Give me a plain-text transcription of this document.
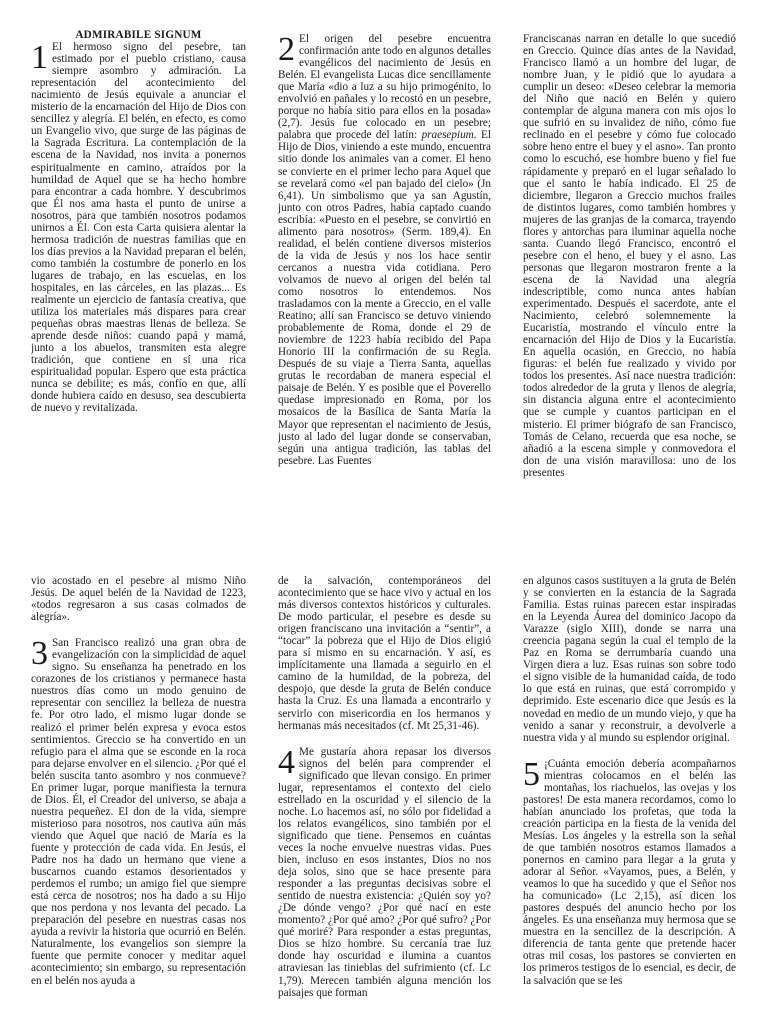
ADMIRABILE SIGNUM

1 El hermoso signo del pesebre, tan estimado por el pueblo cristiano, causa siempre asombro y admiración. La representación del acontecimiento del nacimiento de Jesús equivale a anunciar el misterio de la encarnación del Hijo de Dios con sencillez y alegría. El belén, en efecto, es como un Evangelio vivo, que surge de las páginas de la Sagrada Escritura. La contemplación de la escena de la Navidad, nos invita a ponernos espiritualmente en camino, atraídos por la humildad de Aquel que se ha hecho hombre para encontrar a cada hombre. Y descubrimos que Él nos ama hasta el punto de unirse a nosotros, para que también nosotros podamos unirnos a Él. Con esta Carta quisiera alentar la hermosa tradición de nuestras familias que en los días previos a la Navidad preparan el belén, como también la costumbre de ponerlo en los lugares de trabajo, en las escuelas, en los hospitales, en las cárceles, en las plazas... Es realmente un ejercicio de fantasía creativa, que utiliza los materiales más dispares para crear pequeñas obras maestras llenas de belleza. Se aprende desde niños: cuando papá y mamá, junto a los abuelos, transmiten esta alegre tradición, que contiene en sí una rica espiritualidad popular. Espero que esta práctica nunca se debilite; es más, confío en que, allí donde hubiera caído en desuso, sea descubierta de nuevo y revitalizada.

2 El origen del pesebre encuentra confirmación ante todo en algunos detalles evangélicos del nacimiento de Jesús en Belén. El evangelista Lucas dice sencillamente que María «dio a luz a su hijo primogénito, lo envolvió en pañales y lo recostó en un pesebre, porque no había sitio para ellos en la posada» (2,7). Jesús fue colocado en un pesebre; palabra que procede del latín: praesepium. El Hijo de Dios, viniendo a este mundo, encuentra sitio donde los animales van a comer. El heno se convierte en el primer lecho para Aquel que se revelará como «el pan bajado del cielo» (Jn 6,41). Un simbolismo que ya san Agustín, junto con otros Padres, había captado cuando escribía: «Puesto en el pesebre, se convirtió en alimento para nosotros» (Serm. 189,4). En realidad, el belén contiene diversos misterios de la vida de Jesús y nos los hace sentir cercanos a nuestra vida cotidiana. Pero volvamos de nuevo al origen del belén tal como nosotros lo entendemos. Nos trasladamos con la mente a Greccio, en el valle Reatino; allí san Francisco se detuvo viniendo probablemente de Roma, donde el 29 de noviembre de 1223 había recibido del Papa Honorio III la confirmación de su Regla. Después de su viaje a Tierra Santa, aquellas grutas le recordaban de manera especial el paisaje de Belén. Y es posible que el Poverello quedase impresionado en Roma, por los mosaicos de la Basílica de Santa María la Mayor que representan el nacimiento de Jesús, justo al lado del lugar donde se conservaban, según una antigua tradición, las tablas del pesebre. Las Fuentes

Franciscanas narran en detalle lo que sucedió en Greccio. Quince días antes de la Navidad, Francisco llamó a un hombre del lugar, de nombre Juan, y le pidió que lo ayudara a cumplir un deseo: «Deseo celebrar la memoria del Niño que nació en Belén y quiero contemplar de alguna manera con mis ojos lo que sufrió en su invalidez de niño, cómo fue reclinado en el pesebre y cómo fue colocado sobre heno entre el buey y el asno». Tan pronto como lo escuchó, ese hombre bueno y fiel fue rápidamente y preparó en el lugar señalado lo que el santo le había indicado. El 25 de diciembre, llegaron a Greccio muchos frailes de distintos lugares, como también hombres y mujeres de las granjas de la comarca, trayendo flores y antorchas para iluminar aquella noche santa. Cuando llegó Francisco, encontró el pesebre con el heno, el buey y el asno. Las personas que llegaron mostraron frente a la escena de la Navidad una alegría indescriptible, como nunca antes habían experimentado. Después el sacerdote, ante el Nacimiento, celebró solemnemente la Eucaristía, mostrando el vínculo entre la encarnación del Hijo de Dios y la Eucaristía. En aquella ocasión, en Greccio, no había figuras: el belén fue realizado y vivido por todos los presentes. Así nace nuestra tradición: todos alrededor de la gruta y llenos de alegría, sin distancia alguna entre el acontecimiento que se cumple y cuantos participan en el misterio. El primer biógrafo de san Francisco, Tomás de Celano, recuerda que esa noche, se añadió a la escena simple y conmovedora el don de una visión maravillosa: uno de los presentes

vio acostado en el pesebre al mismo Niño Jesús. De aquel belén de la Navidad de 1223, «todos regresaron a sus casas colmados de alegría».

3 San Francisco realizó una gran obra de evangelización con la simplicidad de aquel signo. Su enseñanza ha penetrado en los corazones de los cristianos y permanece hasta nuestros días como un modo genuino de representar con sencillez la belleza de nuestra fe. Por otro lado, el mismo lugar donde se realizó el primer belén expresa y evoca estos sentimientos. Greccio se ha convertido en un refugio para el alma que se esconde en la roca para dejarse envolver en el silencio. ¿Por qué el belén suscita tanto asombro y nos conmueve? En primer lugar, porque manifiesta la ternura de Dios. Él, el Creador del universo, se abaja a nuestra pequeñez. El don de la vida, siempre misterioso para nosotros, nos cautiva aún más viendo que Aquel que nació de María es la fuente y protección de cada vida. En Jesús, el Padre nos ha dado un hermano que viene a buscarnos cuando estamos desorientados y perdemos el rumbo; un amigo fiel que siempre está cerca de nosotros; nos ha dado a su Hijo que nos perdona y nos levanta del pecado. La preparación del pesebre en nuestras casas nos ayuda a revivir la historia que ocurrió en Belén. Naturalmente, los evangelios son siempre la fuente que permite conocer y meditar aquel acontecimiento; sin embargo, su representación en el belén nos ayuda a

de la salvación, contemporáneos del acontecimiento que se hace vivo y actual en los más diversos contextos históricos y culturales. De modo particular, el pesebre es desde su origen franciscano una invitación a “sentir”, a “tocar” la pobreza que el Hijo de Dios eligió para sí mismo en su encarnación. Y así, es implícitamente una llamada a seguirlo en el camino de la humildad, de la pobreza, del despojo, que desde la gruta de Belén conduce hasta la Cruz. Es una llamada a encontrarlo y servirlo con misericordia en los hermanos y hermanas más necesitados (cf. Mt 25,31-46).

4 Me gustaría ahora repasar los diversos signos del belén para comprender el significado que llevan consigo. En primer lugar, representamos el contexto del cielo estrellado en la oscuridad y el silencio de la noche. Lo hacemos así, no sólo por fidelidad a los relatos evangélicos, sino también por el significado que tiene. Pensemos en cuántas veces la noche envuelve nuestras vidas. Pues bien, incluso en esos instantes, Dios no nos deja solos, sino que se hace presente para responder a las preguntas decisivas sobre el sentido de nuestra existencia: ¿Quién soy yo? ¿De dónde vengo? ¿Por qué nací en este momento? ¿Por qué amo? ¿Por qué sufro? ¿Por qué moriré? Para responder a estas preguntas, Dios se hizo hombre. Su cercanía trae luz donde hay oscuridad e ilumina a cuantos atraviesan las tinieblas del sufrimiento (cf. Lc 1,79). Merecen también alguna mención los paisajes que forman

en algunos casos sustituyen a la gruta de Belén y se convierten en la estancia de la Sagrada Familia. Estas ruinas parecen estar inspiradas en la Leyenda Áurea del dominico Jacopo da Varazze (siglo XIII), donde se narra una creencia pagana según la cual el templo de la Paz en Roma se derrumbaría cuando una Virgen diera a luz. Esas ruinas son sobre todo el signo visible de la humanidad caída, de todo lo que está en ruinas, que está corrompido y deprimido. Este escenario dice que Jesús es la novedad en medio de un mundo viejo, y que ha venido a sanar y reconstruir, a devolverle a nuestra vida y al mundo su esplendor original.

5 ¡Cuánta emoción debería acompañarnos mientras colocamos en el belén las montañas, los riachuelos, las ovejas y los pastores! De esta manera recordamos, como lo habían anunciado los profetas, que toda la creación participa en la fiesta de la venida del Mesías. Los ángeles y la estrella son la señal de que también nosotros estamos llamados a ponernos en camino para llegar a la gruta y adorar al Señor. «Vayamos, pues, a Belén, y veamos lo que ha sucedido y que el Señor nos ha comunicado» (Lc 2,15), así dicen los pastores después del anuncio hecho por los ángeles. Es una enseñanza muy hermosa que se muestra en la sencillez de la descripción. A diferencia de tanta gente que pretende hacer otras mil cosas, los pastores se convierten en los primeros testigos de lo esencial, es decir, de la salvación que se les
